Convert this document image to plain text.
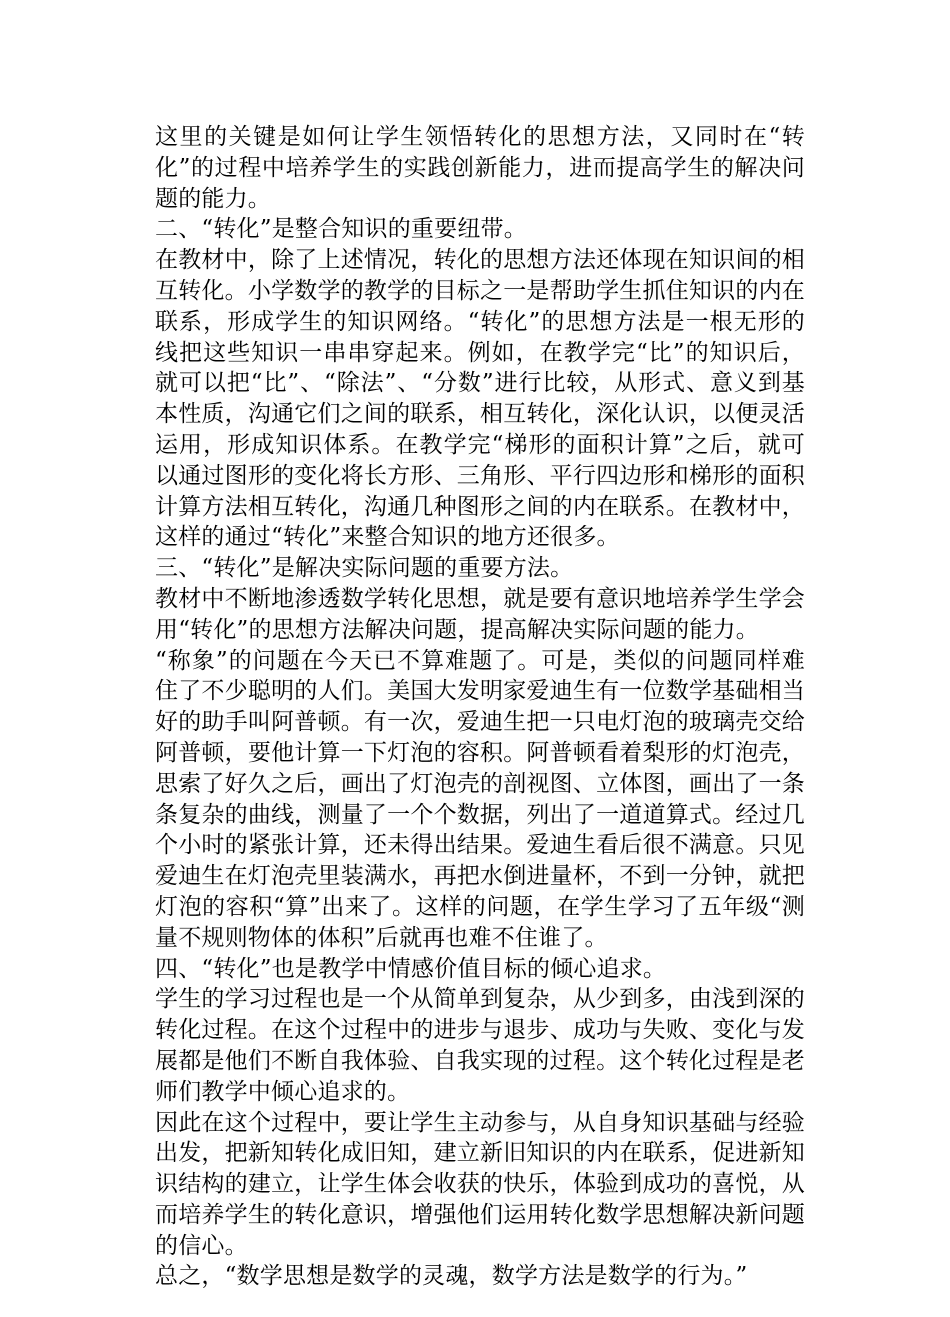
这里的关键是如何让学生领悟转化的思想方法，又同时在“转化”的过程中培养学生的实践创新能力，进而提高学生的解决问题的能力。

二、“转化”是整合知识的重要纽带。

在教材中，除了上述情况，转化的思想方法还体现在知识间的相互转化。小学数学的教学的目标之一是帮助学生抓住知识的内在联系，形成学生的知识网络。“转化”的思想方法是一根无形的线把这些知识一串串穿起来。例如，在教学完“比”的知识后，就可以把“比”、“除法”、“分数”进行比较，从形式、意义到基本性质，沟通它们之间的联系，相互转化，深化认识，以便灵活运用，形成知识体系。在教学完“梯形的面积计算”之后，就可以通过图形的变化将长方形、三角形、平行四边形和梯形的面积计算方法相互转化，沟通几种图形之间的内在联系。在教材中，这样的通过“转化”来整合知识的地方还很多。

三、“转化”是解决实际问题的重要方法。

教材中不断地渗透数学转化思想，就是要有意识地培养学生学会用“转化”的思想方法解决问题，提高解决实际问题的能力。

“称象”的问题在今天已不算难题了。可是，类似的问题同样难住了不少聪明的人们。美国大发明家爱迪生有一位数学基础相当好的助手叫阿普顿。有一次，爱迪生把一只电灯泡的玻璃壳交给阿普顿，要他计算一下灯泡的容积。阿普顿看着梨形的灯泡壳，思索了好久之后，画出了灯泡壳的剖视图、立体图，画出了一条条复杂的曲线，测量了一个个数据，列出了一道道算式。经过几个小时的紧张计算，还未得出结果。爱迪生看后很不满意。只见爱迪生在灯泡壳里装满水，再把水倒进量杯，不到一分钟，就把灯泡的容积“算”出来了。这样的问题，在学生学习了五年级“测量不规则物体的体积”后就再也难不住谁了。

四、“转化”也是教学中情感价值目标的倾心追求。

学生的学习过程也是一个从简单到复杂，从少到多，由浅到深的转化过程。在这个过程中的进步与退步、成功与失败、变化与发展都是他们不断自我体验、自我实现的过程。这个转化过程是老师们教学中倾心追求的。

因此在这个过程中，要让学生主动参与，从自身知识基础与经验出发，把新知转化成旧知，建立新旧知识的内在联系，促进新知识结构的建立，让学生体会收获的快乐，体验到成功的喜悦，从而培养学生的转化意识，增强他们运用转化数学思想解决新问题的信心。

总之，“数学思想是数学的灵魂，数学方法是数学的行为。”
